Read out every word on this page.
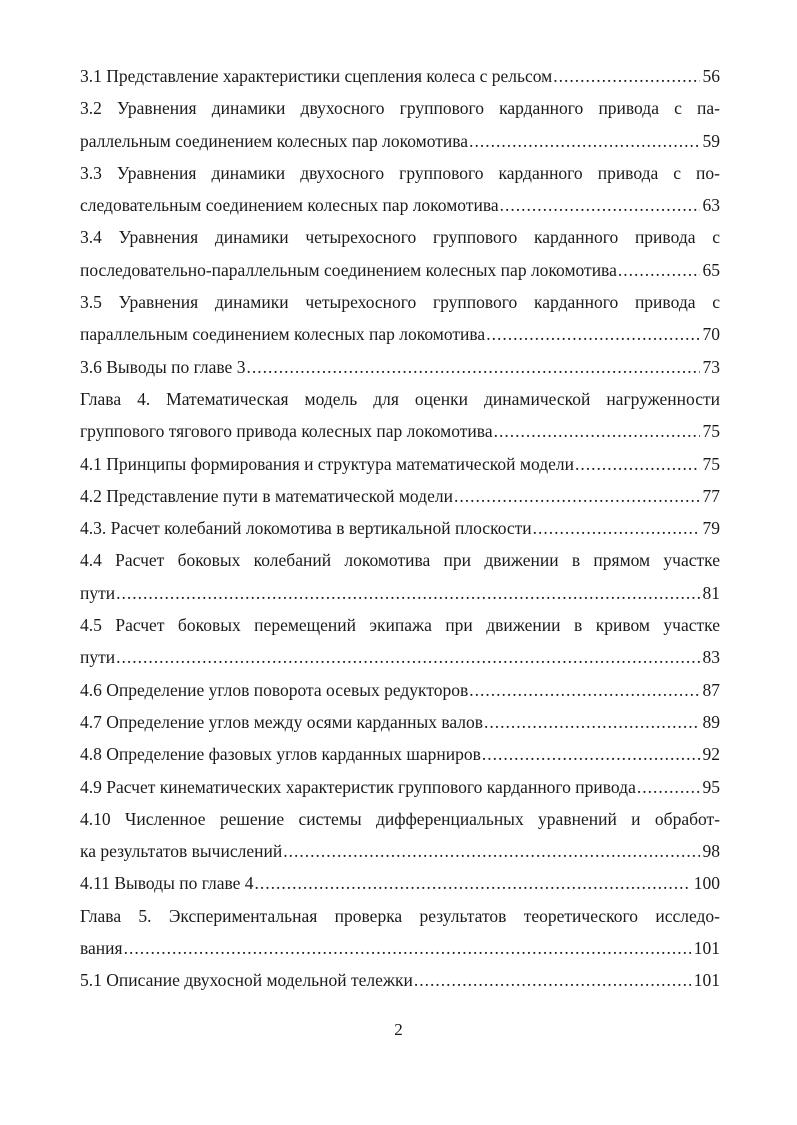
3.1 Представление характеристики сцепления колеса с рельсом .....	56
3.2 Уравнения динамики двухосного группового карданного привода с па-
раллельным соединением колесных пар локомотива .....	59
3.3 Уравнения динамики двухосного группового карданного привода с по-
следовательным соединением колесных пар локомотива .....	63
3.4 Уравнения динамики четырехосного группового карданного привода с
последовательно-параллельным соединением колесных пар локомотива .....	65
3.5 Уравнения динамики четырехосного группового карданного привода с
параллельным соединением колесных пар локомотива .....	70
3.6 Выводы по главе 3 .....	73
Глава 4. Математическая модель для оценки динамической нагруженности
группового тягового привода колесных пар локомотива .....	75
4.1 Принципы формирования и структура математической модели .....	75
4.2 Представление пути в математической модели .....	77
4.3. Расчет колебаний локомотива в вертикальной плоскости .....	79
4.4 Расчет боковых колебаний локомотива при движении в прямом участке
пути .....	81
4.5 Расчет боковых перемещений экипажа при движении в кривом участке
пути .....	83
4.6 Определение углов поворота осевых редукторов .....	87
4.7 Определение углов между осями карданных валов .....	89
4.8 Определение фазовых углов карданных шарниров .....	92
4.9 Расчет кинематических характеристик группового карданного привода .....	95
4.10 Численное решение системы дифференциальных уравнений и обработ-
ка результатов вычислений .....	98
4.11 Выводы по главе 4 .....	100
Глава 5. Экспериментальная проверка результатов теоретического исследо-
вания .....	101
5.1 Описание двухосной модельной тележки .....	101
2
